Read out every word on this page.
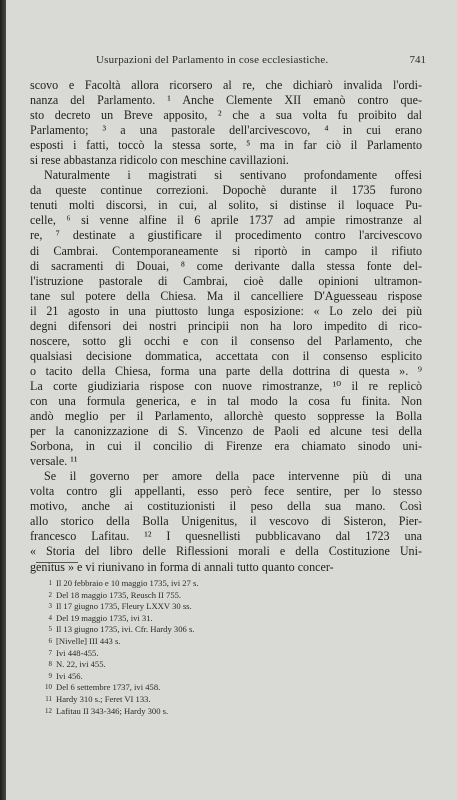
Usurpazioni del Parlamento in cose ecclesiastiche.	741
scovo e Facoltà allora ricorsero al re, che dichiarò invalida l'ordi-
nanza del Parlamento. ¹ Anche Clemente XII emanò contro que-
sto decreto un Breve apposito, ² che a sua volta fu proibito dal
Parlamento; ³ a una pastorale dell'arcivescovo, ⁴ in cui erano
esposti i fatti, toccò la stessa sorte, ⁵ ma in far ciò il Parlamento
si rese abbastanza ridicolo con meschine cavillazioni.
Naturalmente i magistrati si sentivano profondamente offesi
da queste continue correzioni. Dopochè durante il 1735 furono
tenuti molti discorsi, in cui, al solito, si distinse il loquace Pu-
celle, ⁶ si venne alfine il 6 aprile 1737 ad ampie rimostranze al
re, ⁷ destinate a giustificare il procedimento contro l'arcivescovo
di Cambrai. Contemporaneamente si riportò in campo il rifiuto
di sacramenti di Douai, ⁸ come derivante dalla stessa fonte del-
l'istruzione pastorale di Cambrai, cioè dalle opinioni ultramon-
tane sul potere della Chiesa. Ma il cancelliere D'Aguesseau rispose
il 21 agosto in una piuttosto lunga esposizione: « Lo zelo dei più
degni difensori dei nostri principii non ha loro impedito di rico-
noscere, sotto gli occhi e con il consenso del Parlamento, che
qualsiasi decisione dommatica, accettata con il consenso esplicito
o tacito della Chiesa, forma una parte della dottrina di questa ». ⁹
La corte giudiziaria rispose con nuove rimostranze, ¹⁰ il re replicò
con una formula generica, e in tal modo la cosa fu finita. Non
andò meglio per il Parlamento, allorchè questo soppresse la Bolla
per la canonizzazione di S. Vincenzo de Paoli ed alcune tesi della
Sorbona, in cui il concilio di Firenze era chiamato sinodo uni-
versale. ¹¹
Se il governo per amore della pace intervenne più di una
volta contro gli appellanti, esso però fece sentire, per lo stesso
motivo, anche ai costituzionisti il peso della sua mano. Così
allo storico della Bolla Unigenitus, il vescovo di Sisteron, Pier-
francesco Lafitau. ¹² I quesnellisti pubblicavano dal 1723 una
« Storia del libro delle Riflessioni morali e della Costituzione Uni-
genitus » e vi riunivano in forma di annali tutto quanto concer-
1 Il 20 febbraio e 10 maggio 1735, ivi 27 s.
2 Del 18 maggio 1735, Reusch II 755.
3 Il 17 giugno 1735, Fleury LXXV 30 ss.
4 Del 19 maggio 1735, ivi 31.
5 Il 13 giugno 1735, ivi. Cfr. Hardy 306 s.
6 [Nivelle] III 443 s.
7 Ivi 448-455.
8 N. 22, ivi 455.
9 Ivi 456.
10 Del 6 settembre 1737, ivi 458.
11 Hardy 310 s.; Feret VI 133.
12 Lafitau II 343-346; Hardy 300 s.
